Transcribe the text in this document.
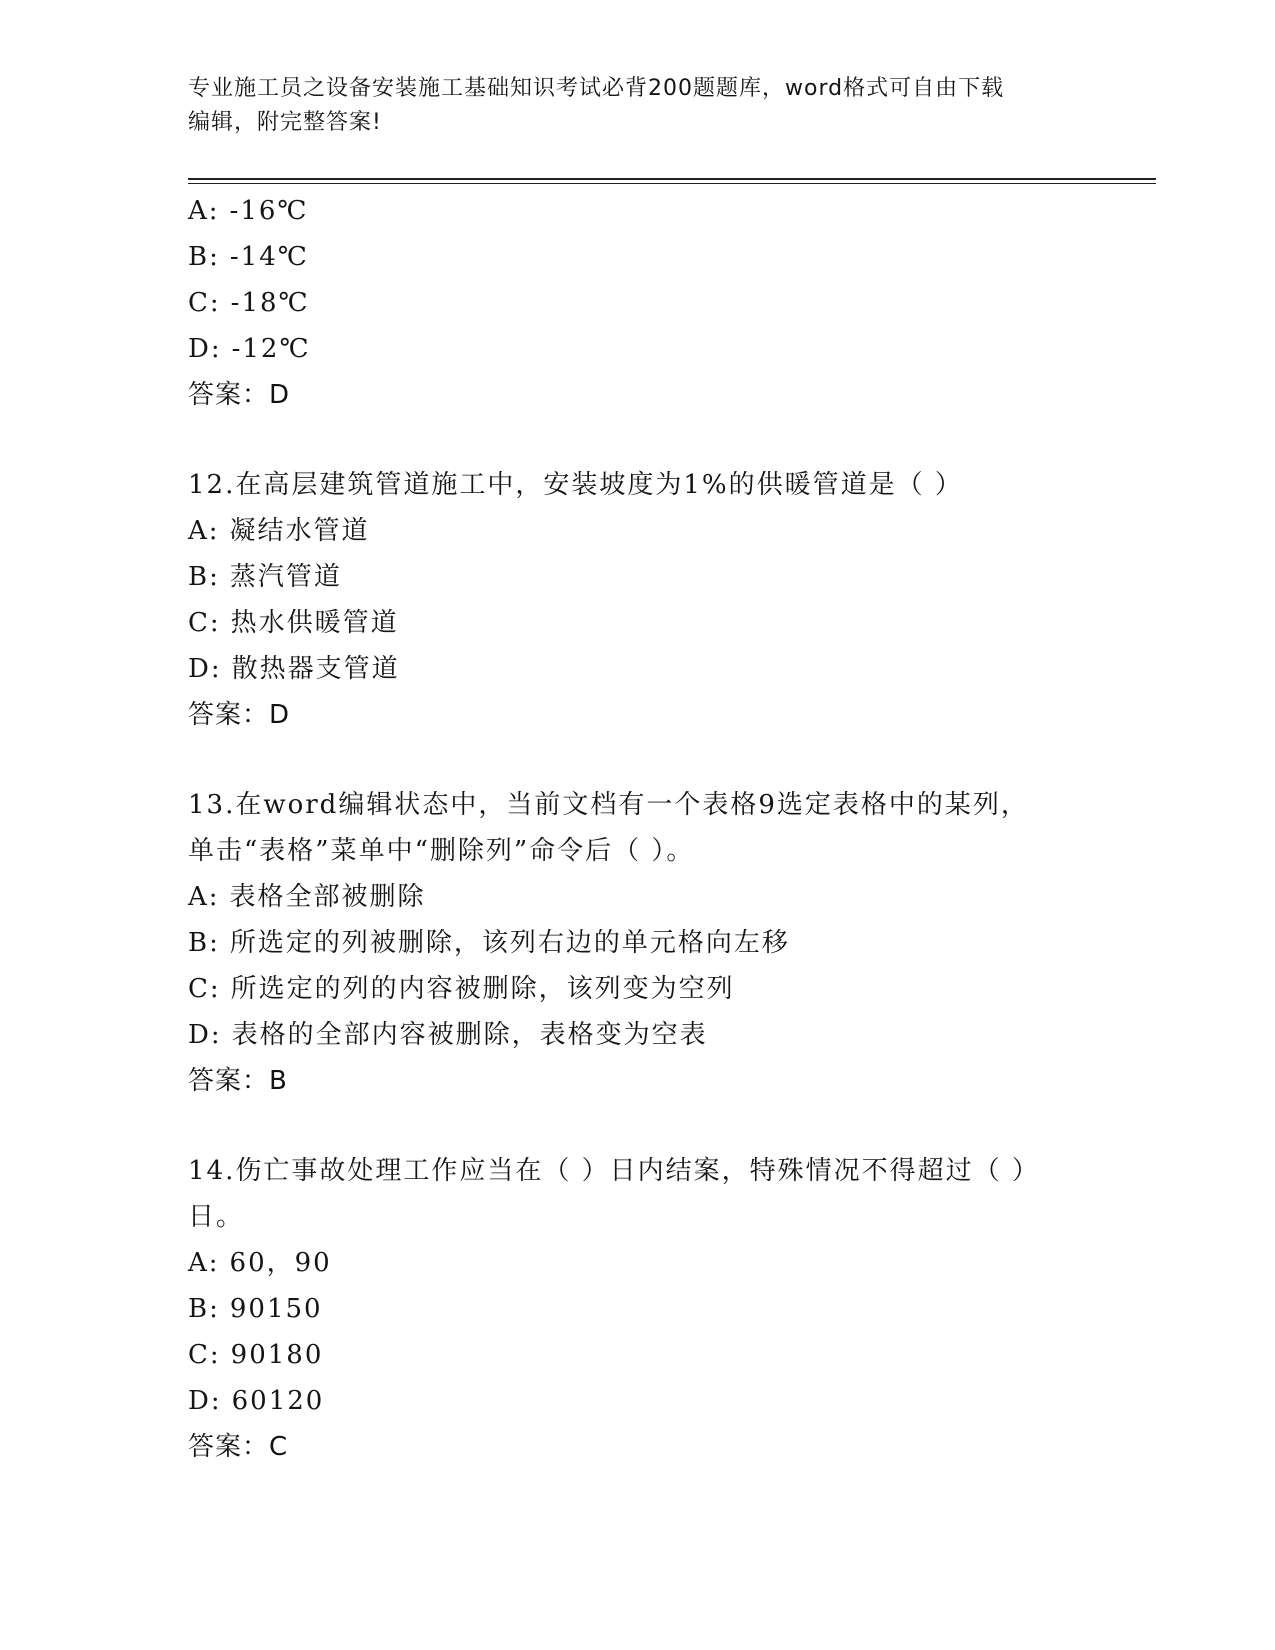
专业施工员之设备安装施工基础知识考试必背200题题库，word格式可自由下载
编辑，附完整答案!
A: -16℃
B: -14℃
C: -18℃
D: -12℃
答案：D
12.在高层建筑管道施工中，安装坡度为1%的供暖管道是（ ）
A: 凝结水管道
B: 蒸汽管道
C: 热水供暖管道
D: 散热器支管道
答案：D
13.在word编辑状态中，当前文档有一个表格9选定表格中的某列，
单击“表格”菜单中“删除列”命令后（ ）。
A: 表格全部被删除
B: 所选定的列被删除，该列右边的单元格向左移
C: 所选定的列的内容被删除，该列变为空列
D: 表格的全部内容被删除，表格变为空表
答案：B
14.伤亡事故处理工作应当在（ ）日内结案，特殊情况不得超过（ ）
日。
A: 60，90
B: 90150
C: 90180
D: 60120
答案：C
